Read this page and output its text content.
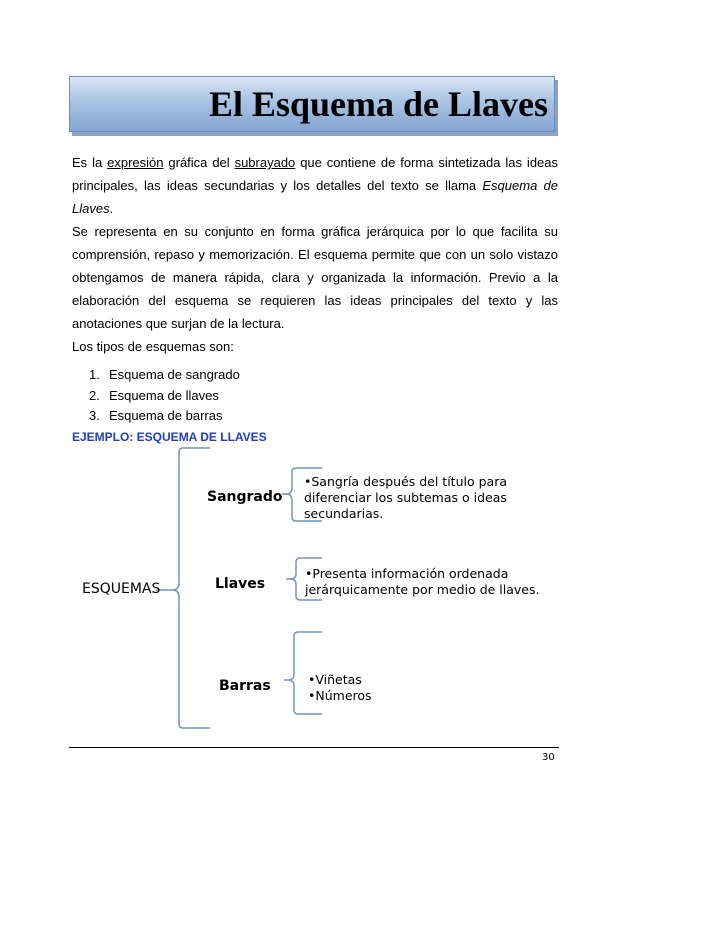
El Esquema de Llaves

Es la expresión gráfica del subrayado que contiene de forma sintetizada las ideas principales, las ideas secundarias y los detalles del texto se llama Esquema de Llaves.

Se representa en su conjunto en forma gráfica jerárquica por lo que facilita su comprensión, repaso y memorización. El esquema permite que con un solo vistazo obtengamos de manera rápida, clara y organizada la información. Previo a la elaboración del esquema se requieren las ideas principales del texto y las anotaciones que surjan de la lectura.

Los tipos de esquemas son:

1. Esquema de sangrado
2. Esquema de llaves
3. Esquema de barras
EJEMPLO: ESQUEMA DE LLAVES
ESQUEMAS
Sangrado
Llaves
Barras
•Sangría después del título para
diferenciar los subtemas o ideas
secundarias.
•Presenta información ordenada
jerárquicamente por medio de llaves.
•Viñetas
•Números
30
